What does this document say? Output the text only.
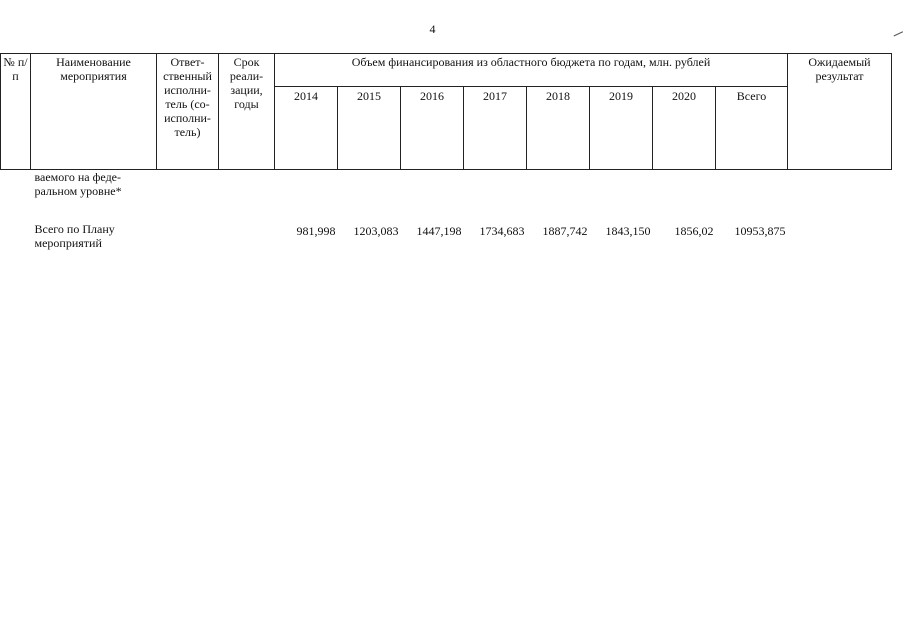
4
№ п/п	Наименование мероприятия	Ответ-ственный исполни-тель (со-исполни-тель)	Срок реали-зации, годы	Объем финансирования из областного бюджета по годам, млн. рублей								Ожидаемый результат
				2014	2015	2016	2017	2018	2019	2020	Всего	
	ваемого на феде-ральном уровне*											
	Всего по Плану мероприятий			981,998	1203,083	1447,198	1734,683	1887,742	1843,150	1856,02	10953,875	
